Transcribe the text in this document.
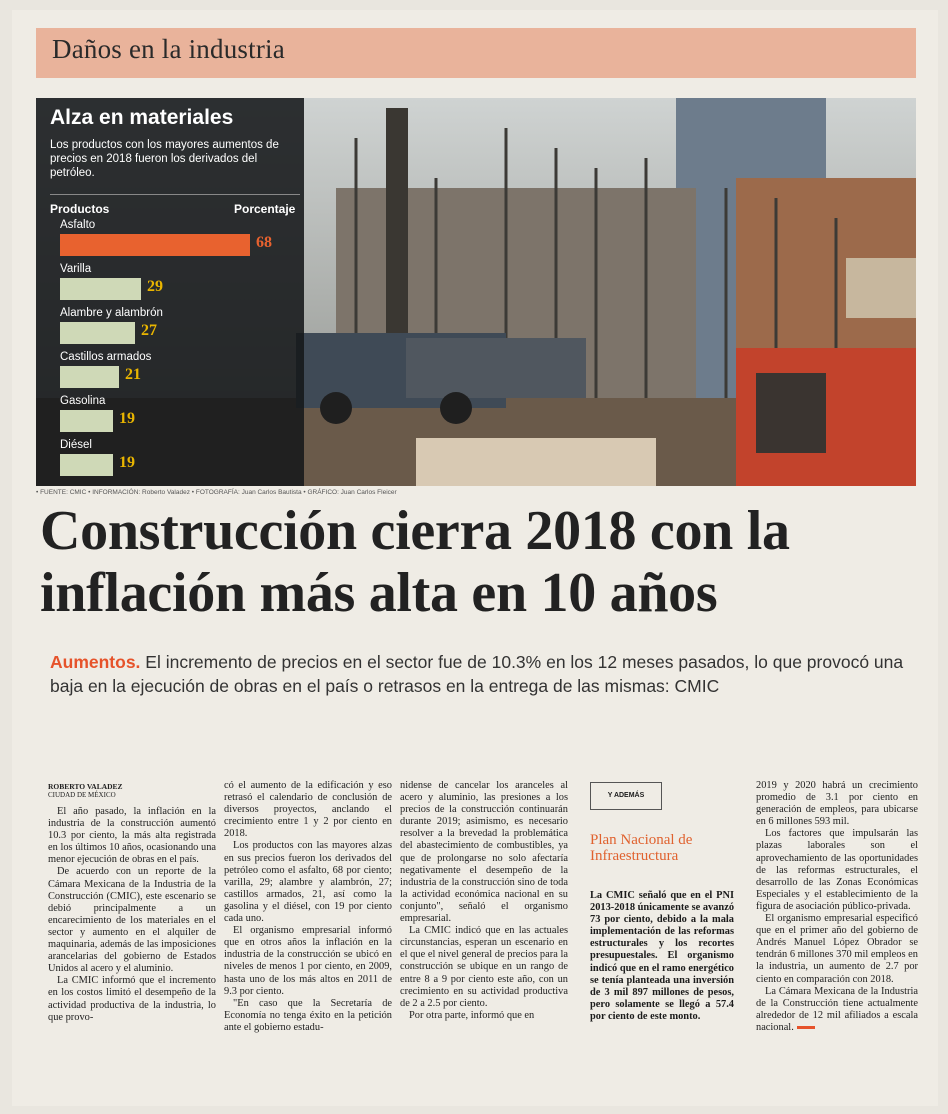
Daños en la industria
Alza en materiales
Los productos con los mayores aumentos de precios en 2018 fueron los derivados del petróleo.
Productos	Porcentaje
Asfalto
68
Varilla
29
Alambre y alambrón
27
Castillos armados
21
Gasolina
19
Diésel
19
• FUENTE: CMIC • INFORMACIÓN: Roberto Valadez • FOTOGRAFÍA: Juan Carlos Bautista • GRÁFICO: Juan Carlos Fleicer
Construcción cierra 2018 con la inflación más alta en 10 años
Aumentos. El incremento de precios en el sector fue de 10.3% en los 12 meses pasados, lo que provocó una baja en la ejecución de obras en el país o retrasos en la entrega de las mismas: CMIC
ROBERTO VALADEZ
CIUDAD DE MÉXICO

El año pasado, la inflación en la industria de la construcción aumentó 10.3 por ciento, la más alta registrada en los últimos 10 años, ocasionando una menor ejecución de obras en el país.

De acuerdo con un reporte de la Cámara Mexicana de la Industria de la Construcción (CMIC), este escenario se debió principalmente a un encarecimiento de los materiales en el sector y aumento en el alquiler de maquinaria, además de las imposiciones arancelarias del gobierno de Estados Unidos al acero y el aluminio.

La CMIC informó que el incremento en los costos limitó el desempeño de la actividad productiva de la industria, lo que provo-

có el aumento de la edificación y eso retrasó el calendario de conclusión de diversos proyectos, anclando el crecimiento entre 1 y 2 por ciento en 2018.

Los productos con las mayores alzas en sus precios fueron los derivados del petróleo como el asfalto, 68 por ciento; varilla, 29; alambre y alambrón, 27; castillos armados, 21, así como la gasolina y el diésel, con 19 por ciento cada uno.

El organismo empresarial informó que en otros años la inflación en la industria de la construcción se ubicó en niveles de menos 1 por ciento, en 2009, hasta uno de los más altos en 2011 de 9.3 por ciento.

"En caso que la Secretaría de Economía no tenga éxito en la petición ante el gobierno estadu-

nidense de cancelar los aranceles al acero y aluminio, las presiones a los precios de la construcción continuarán durante 2019; asimismo, es necesario resolver a la brevedad la problemática del abastecimiento de combustibles, ya que de prolongarse no solo afectaría negativamente el desempeño de la industria de la construcción sino de toda la actividad económica nacional en su conjunto", señaló el organismo empresarial.

La CMIC indicó que en las actuales circunstancias, esperan un escenario en el que el nivel general de precios para la construcción se ubique en un rango de entre 8 a 9 por ciento este año, con un crecimiento en su actividad productiva de 2 a 2.5 por ciento.

Por otra parte, informó que en

Y ADEMÁS
Plan Nacional de Infraestructura
La CMIC señaló que en el PNI 2013-2018 únicamente se avanzó 73 por ciento, debido a la mala implementación de las reformas estructurales y los recortes presupuestales. El organismo indicó que en el ramo energético se tenía planteada una inversión de 3 mil 897 millones de pesos, pero solamente se llegó a 57.4 por ciento de este monto.

2019 y 2020 habrá un crecimiento promedio de 3.1 por ciento en generación de empleos, para ubicarse en 6 millones 593 mil.

Los factores que impulsarán las plazas laborales son el aprovechamiento de las oportunidades de las reformas estructurales, el desarrollo de las Zonas Económicas Especiales y el establecimiento de la figura de asociación público-privada.

El organismo empresarial especificó que en el primer año del gobierno de Andrés Manuel López Obrador se tendrán 6 millones 370 mil empleos en la industria, un aumento de 2.7 por ciento en comparación con 2018.

La Cámara Mexicana de la Industria de la Construcción tiene actualmente alrededor de 12 mil afiliados a escala nacional.
